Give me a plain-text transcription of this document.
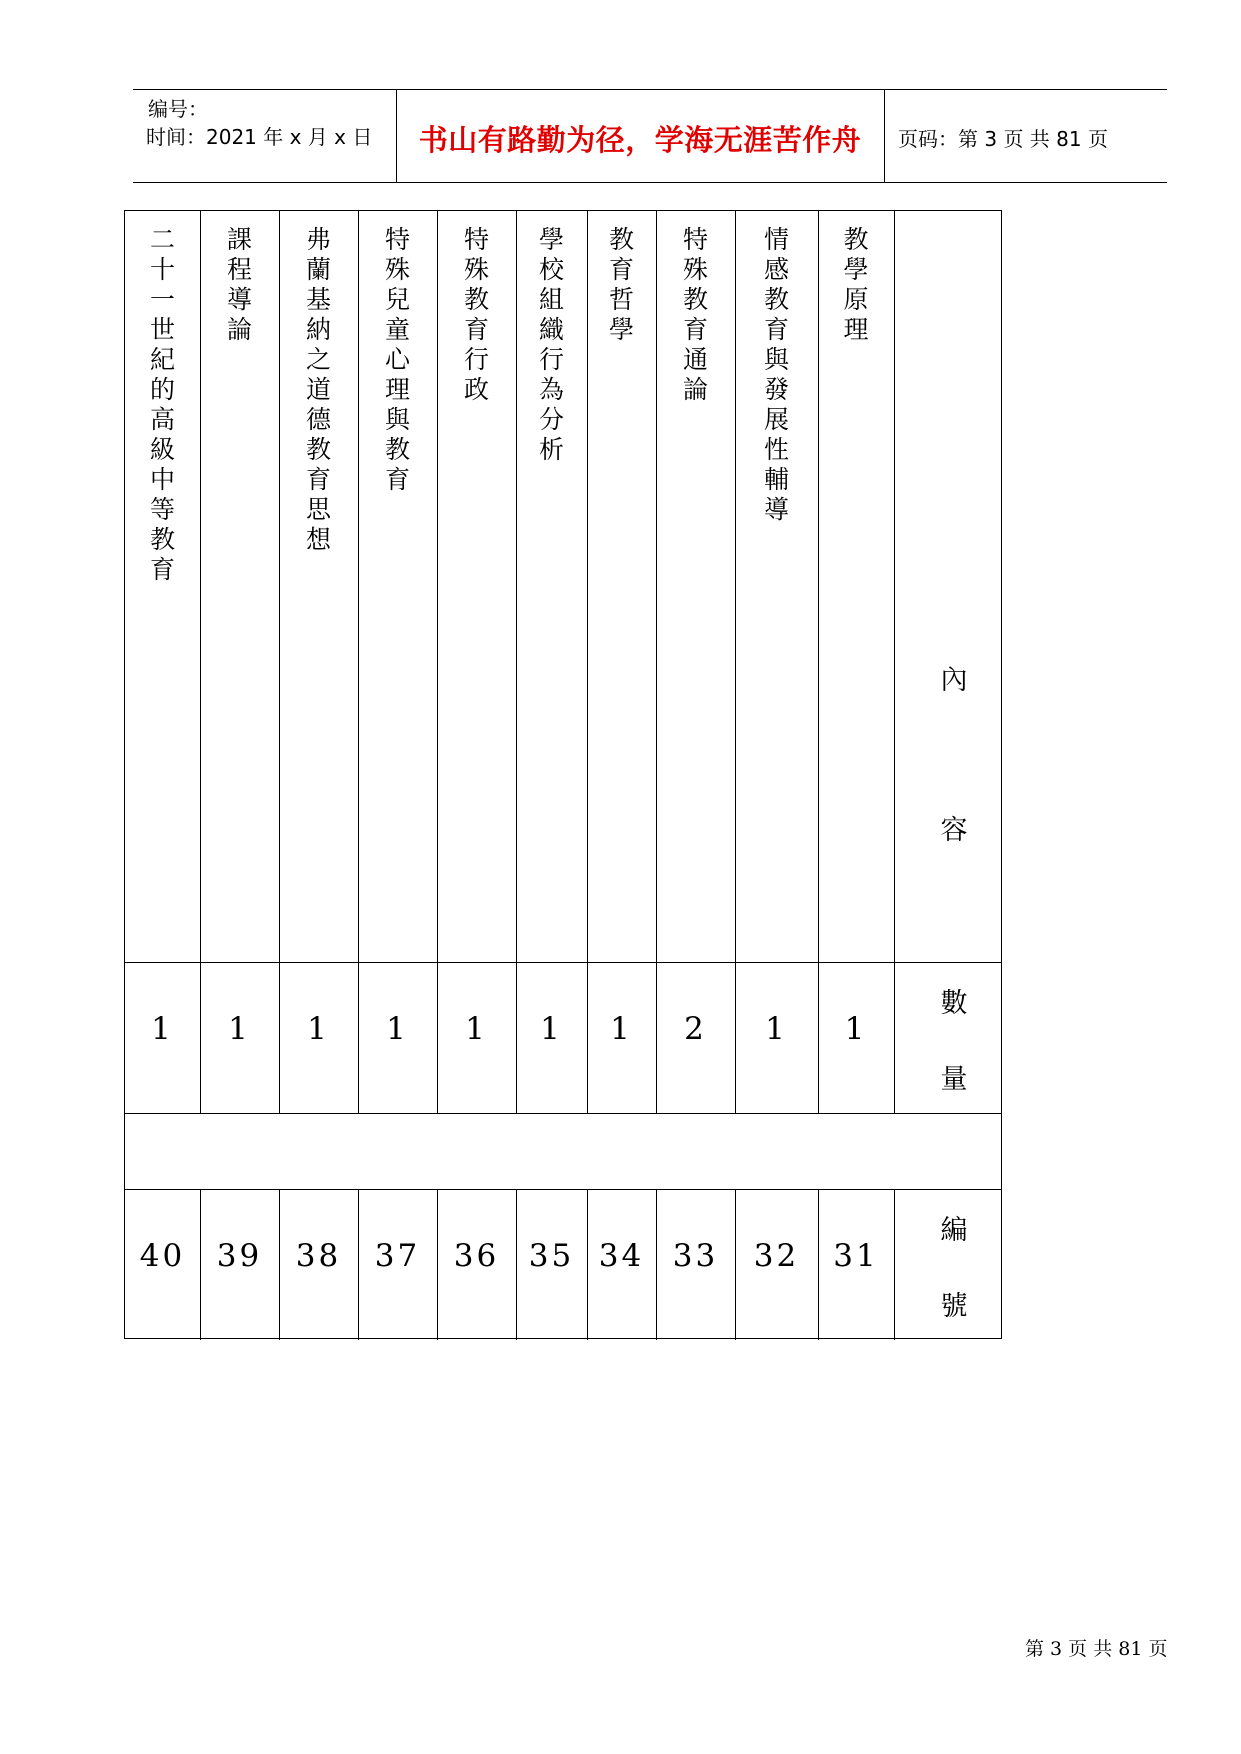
编号：
时间：2021 年 x 月 x 日	书山有路勤为径，学海无涯苦作舟	页码：第 3 页 共 81 页
內容
數量
編號
二
十
一
世
紀
的
高
級
中
等
教
育
1
40
課
程
導
論
1
39
弗
蘭
基
納
之
道
德
教
育
思
想
1
38
特
殊
兒
童
心
理
與
教
育
1
37
特
殊
教
育
行
政
1
36
學
校
組
織
行
為
分
析
1
35
教
育
哲
學
1
34
特
殊
教
育
通
論
2
33
情
感
教
育
與
發
展
性
輔
導
1
32
教
學
原
理
1
31
第 3 页 共 81 页
